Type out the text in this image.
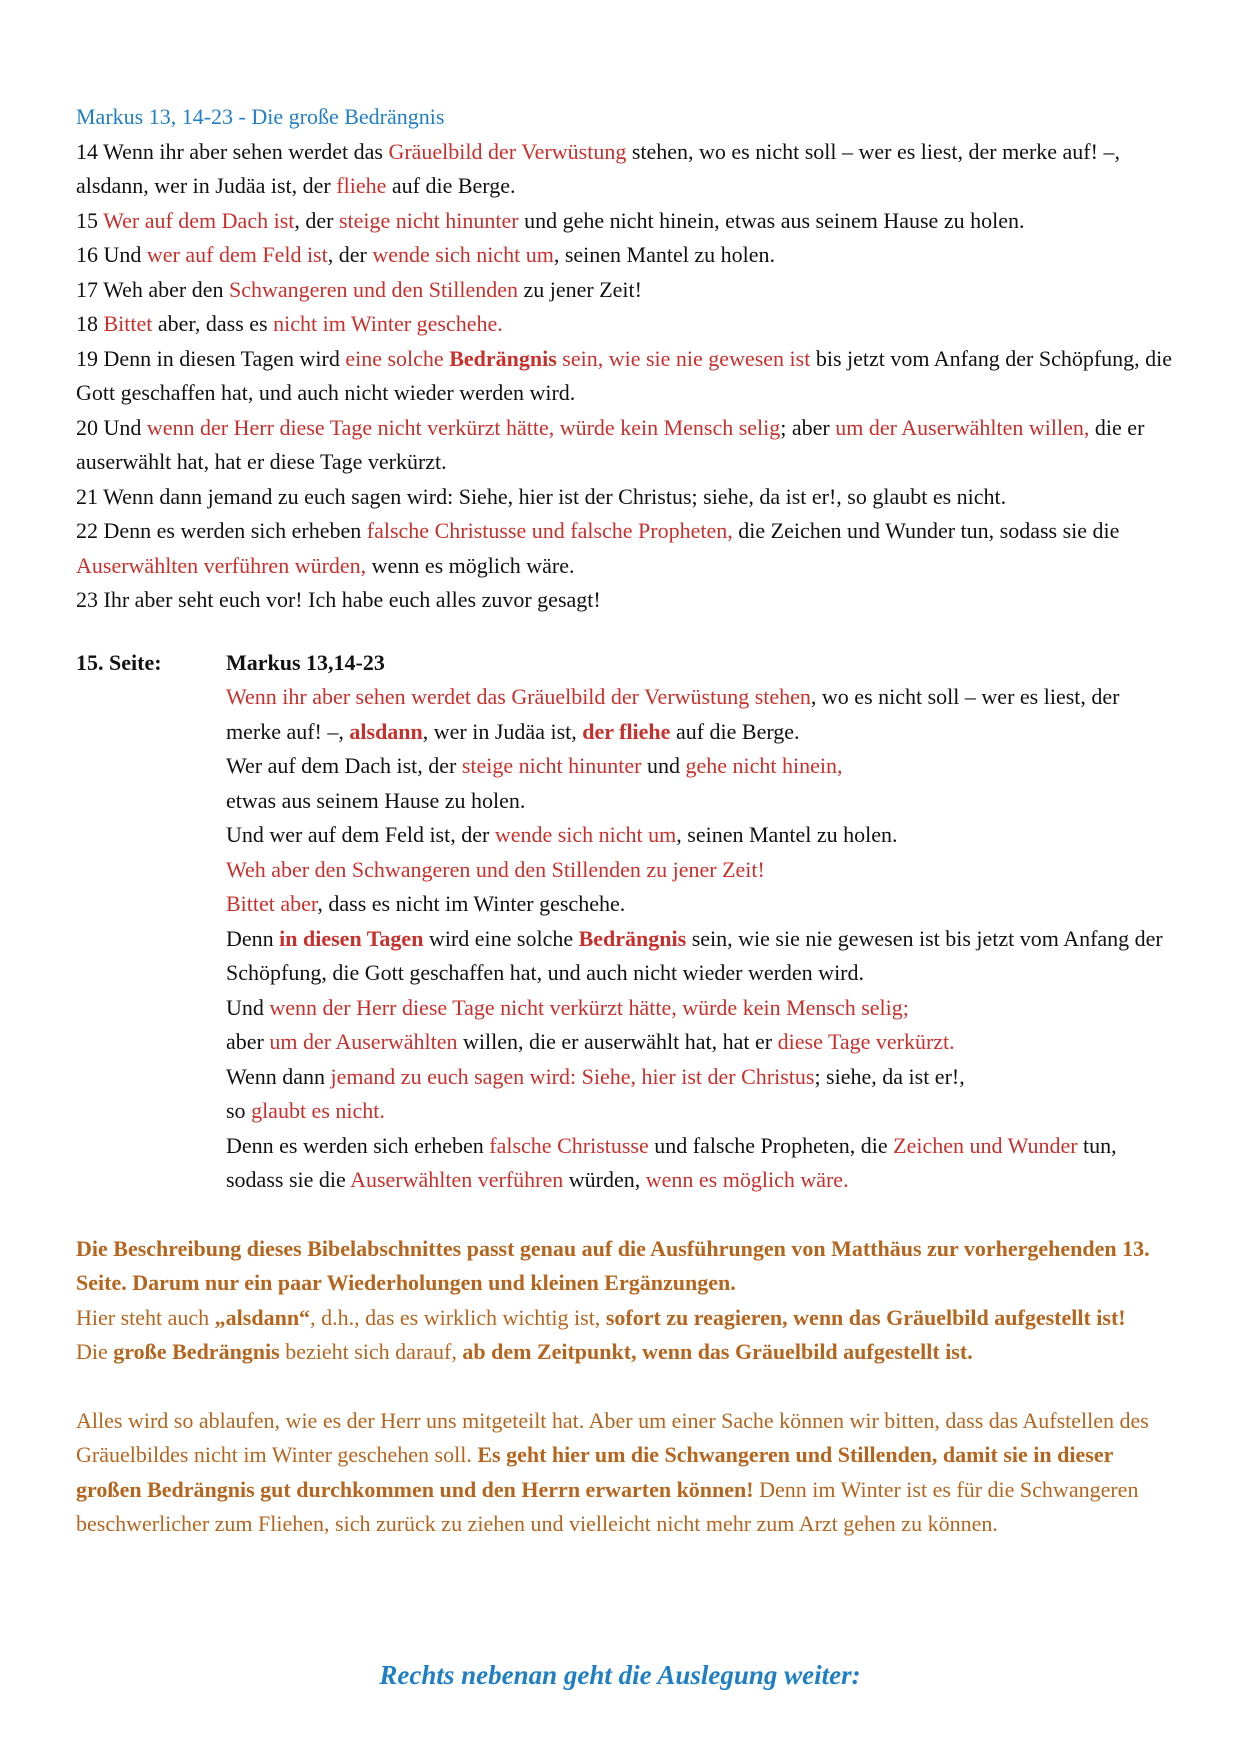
Markus 13, 14-23 - Die große Bedrängnis
14 Wenn ihr aber sehen werdet das Gräuelbild der Verwüstung stehen, wo es nicht soll – wer es liest, der merke auf! –, alsdann, wer in Judäa ist, der fliehe auf die Berge.
15 Wer auf dem Dach ist, der steige nicht hinunter und gehe nicht hinein, etwas aus seinem Hause zu holen.
16 Und wer auf dem Feld ist, der wende sich nicht um, seinen Mantel zu holen.
17 Weh aber den Schwangeren und den Stillenden zu jener Zeit!
18 Bittet aber, dass es nicht im Winter geschehe.
19 Denn in diesen Tagen wird eine solche Bedrängnis sein, wie sie nie gewesen ist bis jetzt vom Anfang der Schöpfung, die Gott geschaffen hat, und auch nicht wieder werden wird.
20 Und wenn der Herr diese Tage nicht verkürzt hätte, würde kein Mensch selig; aber um der Auserwählten willen, die er auserwählt hat, hat er diese Tage verkürzt.
21 Wenn dann jemand zu euch sagen wird: Siehe, hier ist der Christus; siehe, da ist er!, so glaubt es nicht.
22 Denn es werden sich erheben falsche Christusse und falsche Propheten, die Zeichen und Wunder tun, sodass sie die Auserwählten verführen würden, wenn es möglich wäre.
23 Ihr aber seht euch vor! Ich habe euch alles zuvor gesagt!
15. Seite:	Markus 13,14-23
Wenn ihr aber sehen werdet das Gräuelbild der Verwüstung stehen, wo es nicht soll – wer es liest, der merke auf! –, alsdann, wer in Judäa ist, der fliehe auf die Berge.
Wer auf dem Dach ist, der steige nicht hinunter und gehe nicht hinein,
etwas aus seinem Hause zu holen.
Und wer auf dem Feld ist, der wende sich nicht um, seinen Mantel zu holen.
Weh aber den Schwangeren und den Stillenden zu jener Zeit!
Bittet aber, dass es nicht im Winter geschehe.
Denn in diesen Tagen wird eine solche Bedrängnis sein, wie sie nie gewesen ist bis jetzt vom Anfang der Schöpfung, die Gott geschaffen hat, und auch nicht wieder werden wird.
Und wenn der Herr diese Tage nicht verkürzt hätte, würde kein Mensch selig;
aber um der Auserwählten willen, die er auserwählt hat, hat er diese Tage verkürzt.
Wenn dann jemand zu euch sagen wird: Siehe, hier ist der Christus; siehe, da ist er!,
so glaubt es nicht.
Denn es werden sich erheben falsche Christusse und falsche Propheten, die Zeichen und Wunder tun, sodass sie die Auserwählten verführen würden, wenn es möglich wäre.
Die Beschreibung dieses Bibelabschnittes passt genau auf die Ausführungen von Matthäus zur vorhergehenden 13. Seite. Darum nur ein paar Wiederholungen und kleinen Ergänzungen.
Hier steht auch „alsdann“, d.h., das es wirklich wichtig ist, sofort zu reagieren, wenn das Gräuelbild aufgestellt ist!
Die große Bedrängnis bezieht sich darauf, ab dem Zeitpunkt, wenn das Gräuelbild aufgestellt ist.
Alles wird so ablaufen, wie es der Herr uns mitgeteilt hat. Aber um einer Sache können wir bitten, dass das Aufstellen des Gräuelbildes nicht im Winter geschehen soll. Es geht hier um die Schwangeren und Stillenden, damit sie in dieser großen Bedrängnis gut durchkommen und den Herrn erwarten können! Denn im Winter ist es für die Schwangeren beschwerlicher zum Fliehen, sich zurück zu ziehen und vielleicht nicht mehr zum Arzt gehen zu können.
Rechts nebenan geht die Auslegung weiter:
